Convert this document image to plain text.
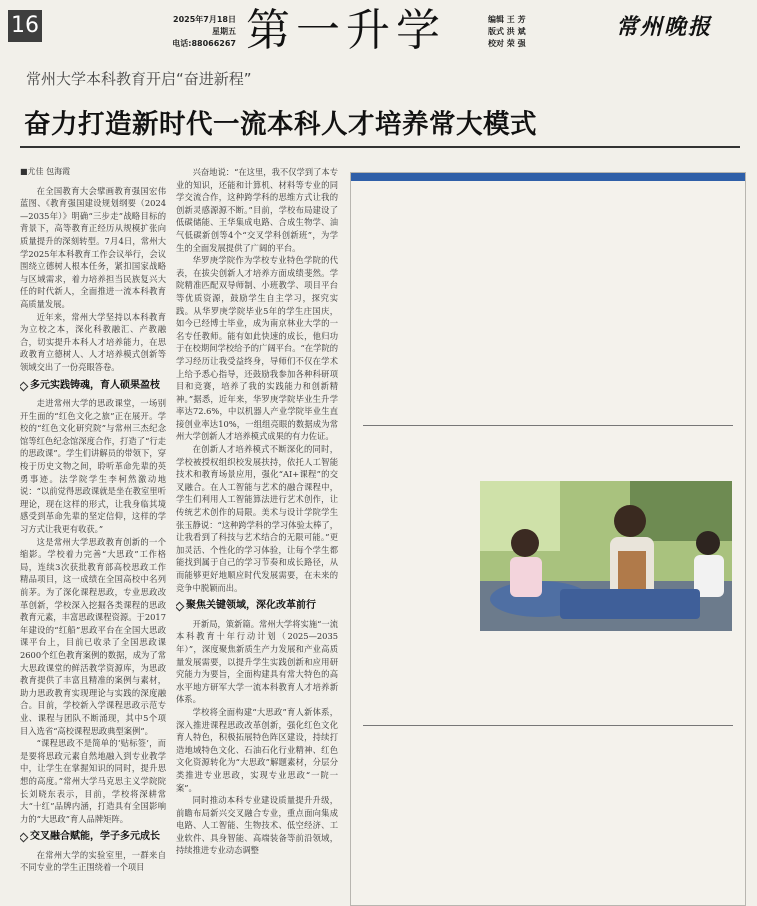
16	2025年7月18日
星期五
电话:88066267 第一升学	编辑 王 芳
版式 洪 斌
校对 荣 强
常州晚报
常州大学本科教育开启“奋进新程”
奋力打造新时代一流本科人才培养常大模式
■尤佳 包海霞

在全国教育大会擘画教育强国宏伟蓝图、《教育强国建设规划纲要（2024—2035年）》明确“三步走”战略目标的背景下，高等教育正经历从规模扩张向质量提升的深刻转型。7月4日，常州大学2025年本科教育工作会议举行，会议围绕立德树人根本任务，紧扣国家战略与区域需求，着力培养担当民族复兴大任的时代新人，全面推进一流本科教育高质量发展。

近年来，常州大学坚持以本科教育为立校之本，深化科教融汇、产教融合，切实提升本科人才培养能力，在思政教育立德树人、人才培养模式创新等领域交出了一份亮眼答卷。

多元实践铸魂，育人硕果盈枝

走进常州大学的思政课堂，一场别开生面的“红色文化之旅”正在展开。学校的“红色文化研究院”与常州三杰纪念馆等红色纪念馆深度合作，打造了“行走的思政课”。学生们讲解员的带领下，穿梭于历史文物之间，聆听革命先辈的英勇事迹。法学院学生李柯然激动地说：“以前觉得思政课就是坐在教室里听理论，现在这样的形式，让我身临其境感受到革命先辈的坚定信仰，这样的学习方式让我更有收获。”

这是常州大学思政教育创新的一个缩影。学校着力完善“大思政”工作格局，连续3次获批教育部高校思政工作精品项目，这一成绩在全国高校中名列前茅。为了深化课程思政，专业思政改革创新，学校深入挖掘各类课程的思政教育元素，丰富思政课程资源。于2017年建设的“红船”思政平台在全国大思政课平台上，目前已收录了全国思政课2600个红色教育案例的数据，成为了常大思政课堂的鲜活教学资源库，为思政教育提供了丰富且精准的案例与素材，助力思政教育实现理论与实践的深度融合。目前，学校新入学课程思政示范专业、课程与团队不断涌现，其中5个项目入选省“高校课程思政典型案例”。

“课程思政不是简单的‘贴标签’，而是要将思政元素自然地融入到专业教学中，让学生在掌握知识的同时，提升思想的高度。”常州大学马克思主义学院院长刘晓东表示，目前，学校将深耕常大“十红”品牌内涵，打造具有全国影响力的“大思政”育人品牌矩阵。

交叉融合赋能，学子多元成长

在常州大学的实验室里，一群来自不同专业的学生正围绕着一个项目

兴奋地说：“在这里，我不仅学到了本专业的知识，还能和计算机、材料等专业的同学交流合作，这种跨学科的思维方式让我的创新灵感源源不断。”目前，学校布局建设了低碳储能、王华集成电路、合成生物学、油气低碳新创等4个“交叉学科创新班”，为学生的全面发展提供了广阔的平台。

华罗庚学院作为学校专业特色学院的代表，在拔尖创新人才培养方面成绩斐然。学院精准匹配双导师制、小班教学、项目平台等优质资源，鼓励学生自主学习，探究实践。从华罗庚学院毕业5年的学生庄国庆，如今已经博士毕业，成为南京林业大学的一名专任教师。能有如此快速的成长，他归功于在校期间学校给予的广阔平台。“在学院的学习经历让我受益终身，导师们不仅在学术上给予悉心指导，还鼓励我参加各种科研项目和竞赛，培养了我的实践能力和创新精神。”据悉，近年来，华罗庚学院毕业生升学率达72.6%，中以机器人产业学院毕业生直接创业率达10%，一组组亮眼的数据成为常州大学创新人才培养模式成果的有力佐证。

在创新人才培养模式不断深化的同时，学校被授权组织校发展扶持，依托人工智能技术和教育场景应用，强化“AI+课程”的交叉融合。在人工智能与艺术的融合课程中，学生们利用人工智能算法进行艺术创作，让传统艺术创作的局限。美术与设计学院学生张玉静说：“这种跨学科的学习体验太棒了，让我看到了科技与艺术结合的无限可能。”更加灵活、个性化的学习体验，让每个学生都能找到属于自己的学习节奏和成长路径，从而能够更好地顺应时代发展需要，在未来的竞争中脱颖而出。

聚焦关键领域，深化改革前行

开新局，策新篇。常州大学将实施“一流本科教育十年行动计划（2025—2035年）”，深度聚焦新质生产力发展和产业高质量发展需要，以提升学生实践创新和应用研究能力为要旨，全面构建具有常大特色的高水平地方研军大学一流本科教育人才培养新体系。

学校将全面构建“大思政”育人新体系，深入推进课程思政改革创新，强化红色文化育人特色，积极拓展特色阵区建设，持续打造地域特色文化、石油石化行业精神、红色文化资源转化为“大思政”解题素材，分层分类推进专业思政，实现专业思政“一院一案”。

同时推动本科专业建设质量提升升级，前瞻布局新兴交叉融合专业，重点面向集成电路、人工智能、生物技术、低空经济、工业软件、具身智能、高端装备等前沿领域，持续推进专业动态调整
